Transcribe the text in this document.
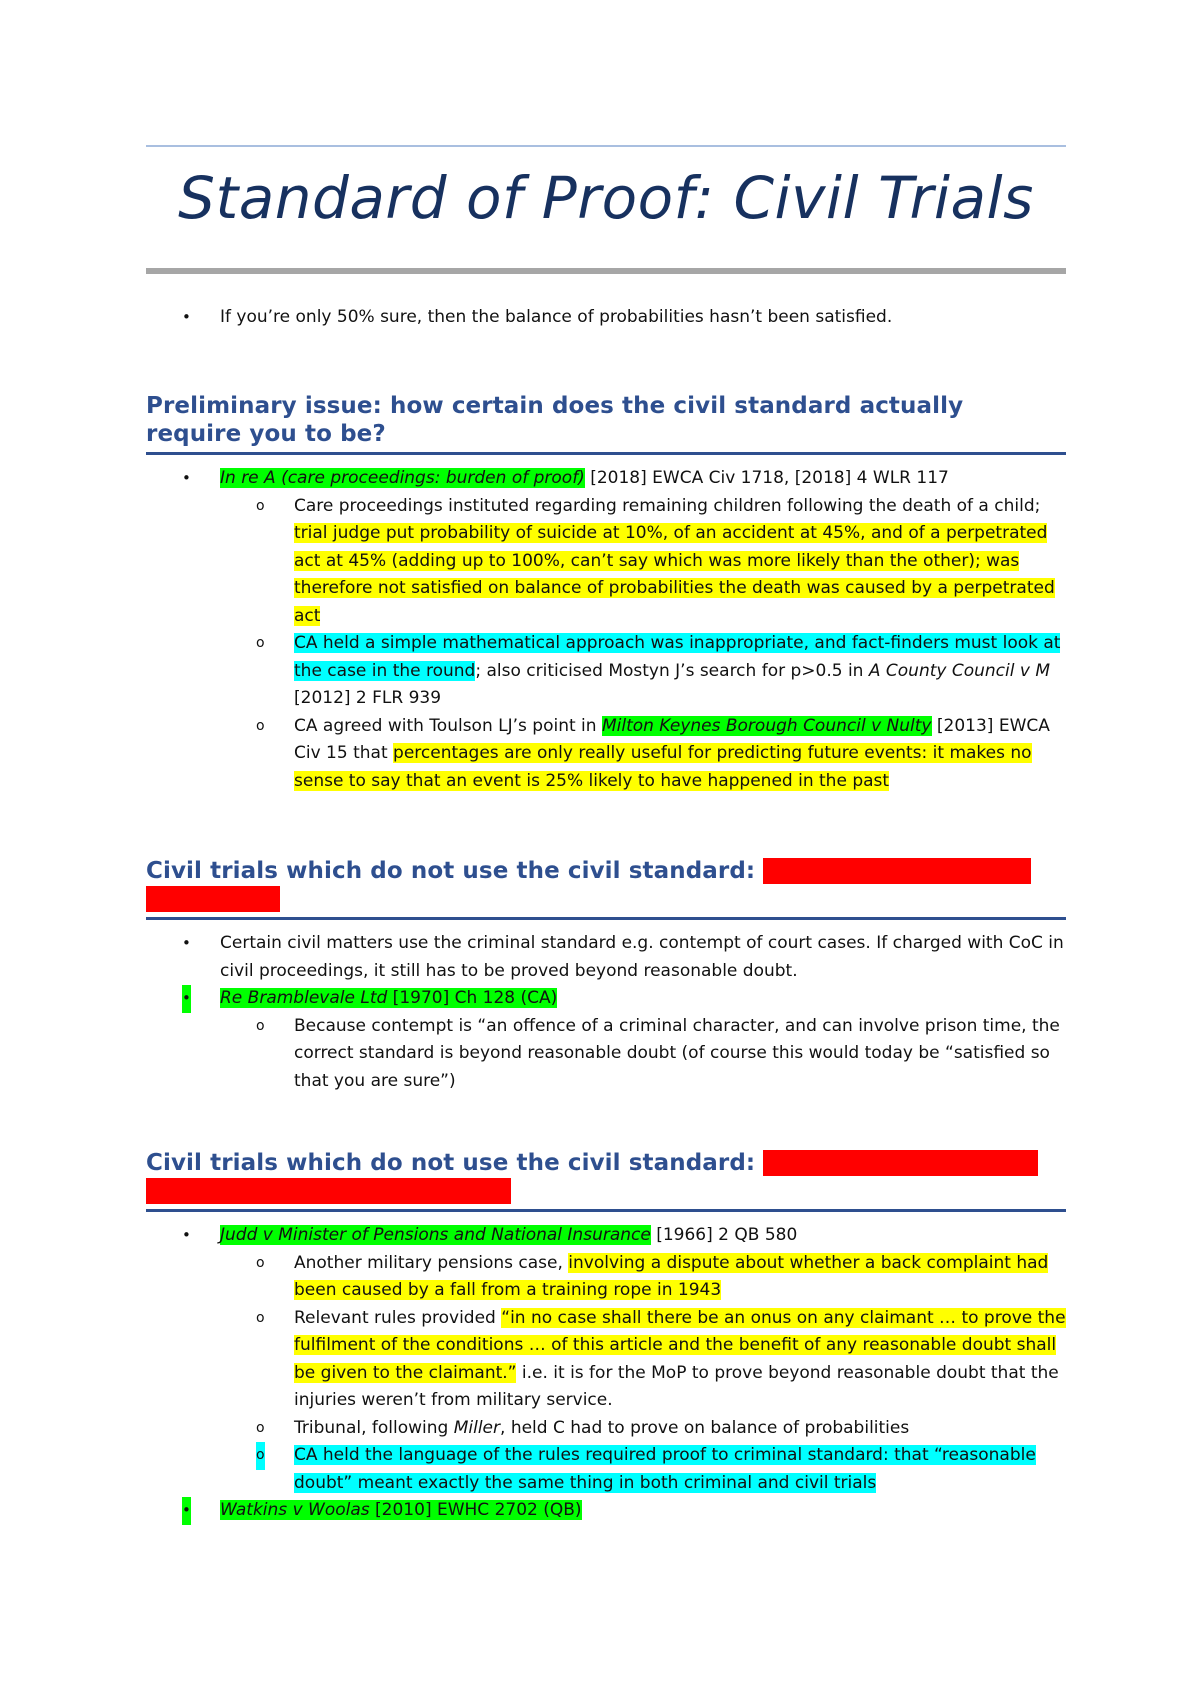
Standard of Proof: Civil Trials
• If you’re only 50% sure, then the balance of probabilities hasn’t been satisfied.
Preliminary issue: how certain does the civil standard actually require you to be?
• In re A (care proceedings: burden of proof) [2018] EWCA Civ 1718, [2018] 4 WLR 117
o Care proceedings instituted regarding remaining children following the death of a child; trial judge put probability of suicide at 10%, of an accident at 45%, and of a perpetrated act at 45% (adding up to 100%, can’t say which was more likely than the other); was therefore not satisfied on balance of probabilities the death was caused by a perpetrated act
o CA held a simple mathematical approach was inappropriate, and fact-finders must look at the case in the round; also criticised Mostyn J’s search for p>0.5 in A County Council v M [2012] 2 FLR 939
o CA agreed with Toulson LJ’s point in Milton Keynes Borough Council v Nulty [2013] EWCA Civ 15 that percentages are only really useful for predicting future events: it makes no sense to say that an event is 25% likely to have happened in the past
Civil trials which do not use the civil standard: contempt of court in civil cases
• Certain civil matters use the criminal standard e.g. contempt of court cases. If charged with CoC in civil proceedings, it still has to be proved beyond reasonable doubt.
• Re Bramblevale Ltd [1970] Ch 128 (CA)
o Because contempt is “an offence of a criminal character, and can involve prison time, the correct standard is beyond reasonable doubt (of course this would today be “satisfied so that you are sure”)
Civil trials which do not use the civil standard: cases with a criminal standard applied by statute
• Judd v Minister of Pensions and National Insurance [1966] 2 QB 580
o Another military pensions case, involving a dispute about whether a back complaint had been caused by a fall from a training rope in 1943
o Relevant rules provided “in no case shall there be an onus on any claimant … to prove the fulfilment of the conditions … of this article and the benefit of any reasonable doubt shall be given to the claimant.” i.e. it is for the MoP to prove beyond reasonable doubt that the injuries weren’t from military service.
o Tribunal, following Miller, held C had to prove on balance of probabilities
o CA held the language of the rules required proof to criminal standard: that “reasonable doubt” meant exactly the same thing in both criminal and civil trials
• Watkins v Woolas [2010] EWHC 2702 (QB)
